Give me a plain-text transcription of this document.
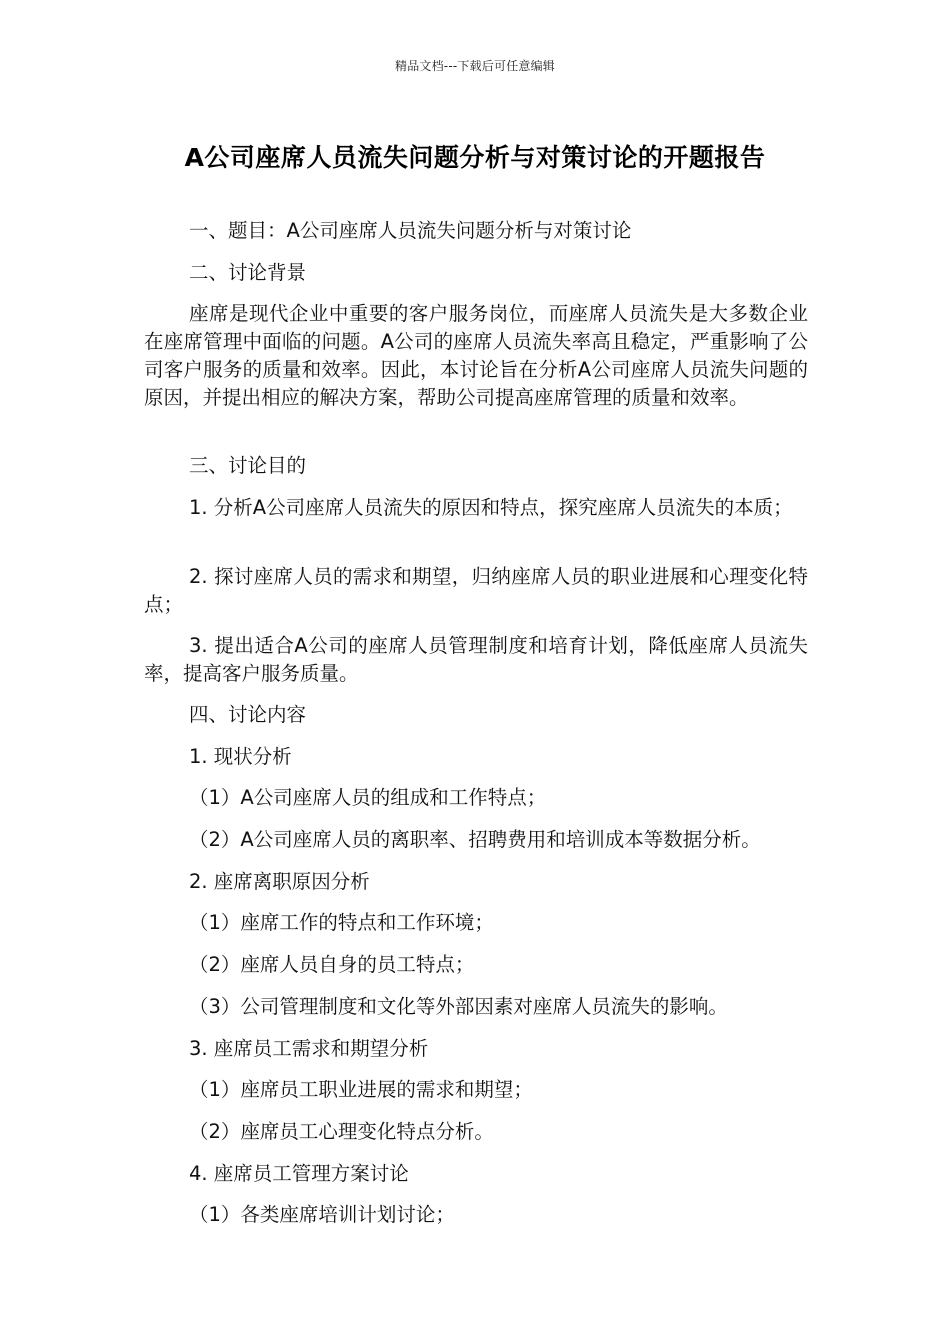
精品文档---下载后可任意编辑
A公司座席人员流失问题分析与对策讨论的开题报告
一、题目：A公司座席人员流失问题分析与对策讨论
二、讨论背景
座席是现代企业中重要的客户服务岗位，而座席人员流失是大多数企业在座席管理中面临的问题。A公司的座席人员流失率高且稳定，严重影响了公司客户服务的质量和效率。因此，本讨论旨在分析A公司座席人员流失问题的原因，并提出相应的解决方案，帮助公司提高座席管理的质量和效率。
三、讨论目的
1. 分析A公司座席人员流失的原因和特点，探究座席人员流失的本质；
2. 探讨座席人员的需求和期望，归纳座席人员的职业进展和心理变化特点；
3. 提出适合A公司的座席人员管理制度和培育计划，降低座席人员流失率，提高客户服务质量。
四、讨论内容
1. 现状分析
（1）A公司座席人员的组成和工作特点；
（2）A公司座席人员的离职率、招聘费用和培训成本等数据分析。
2. 座席离职原因分析
（1）座席工作的特点和工作环境；
（2）座席人员自身的员工特点；
（3）公司管理制度和文化等外部因素对座席人员流失的影响。
3. 座席员工需求和期望分析
（1）座席员工职业进展的需求和期望；
（2）座席员工心理变化特点分析。
4. 座席员工管理方案讨论
（1）各类座席培训计划讨论；
